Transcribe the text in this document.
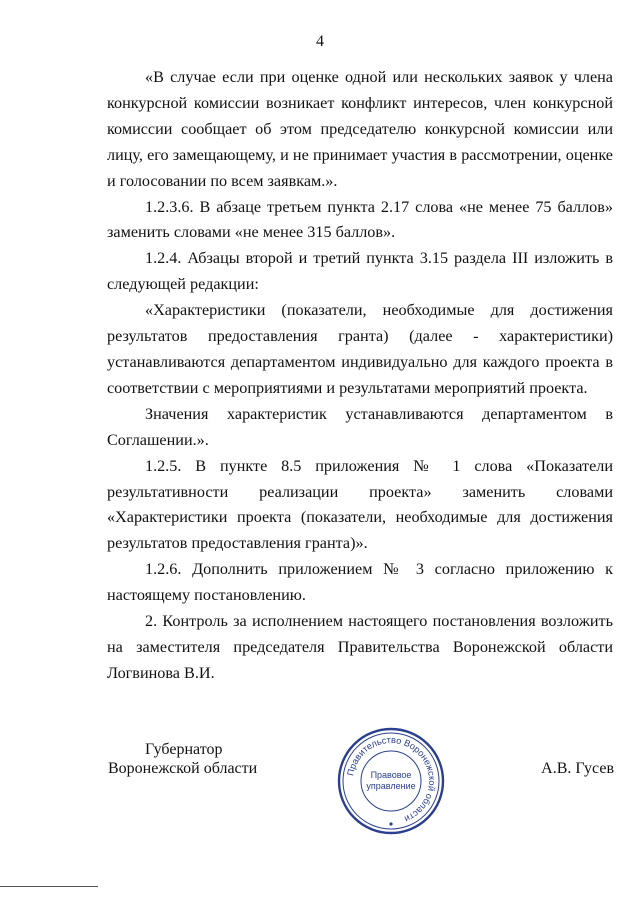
4

«В случае если при оценке одной или нескольких заявок у члена конкурсной комиссии возникает конфликт интересов, член конкурсной комиссии сообщает об этом председателю конкурсной комиссии или лицу, его замещающему, и не принимает участия в рассмотрении, оценке и голосовании по всем заявкам.».

1.2.3.6. В абзаце третьем пункта 2.17 слова «не менее 75 баллов» заменить словами «не менее 315 баллов».

1.2.4. Абзацы второй и третий пункта 3.15 раздела III изложить в следующей редакции:

«Характеристики (показатели, необходимые для достижения результатов предоставления гранта) (далее - характеристики) устанавливаются департаментом индивидуально для каждого проекта в соответствии с мероприятиями и результатами мероприятий проекта.

Значения характеристик устанавливаются департаментом в Соглашении.».

1.2.5. В пункте 8.5 приложения № 1 слова «Показатели результативности реализации проекта» заменить словами «Характеристики проекта (показатели, необходимые для достижения результатов предоставления гранта)».

1.2.6. Дополнить приложением № 3 согласно приложению к настоящему постановлению.

2. Контроль за исполнением настоящего постановления возложить на заместителя председателя Правительства Воронежской области Логвинова В.И.

Губернатор
Воронежской области	Правительство Воронежской области
Правовое
управление
А.В. Гусев
